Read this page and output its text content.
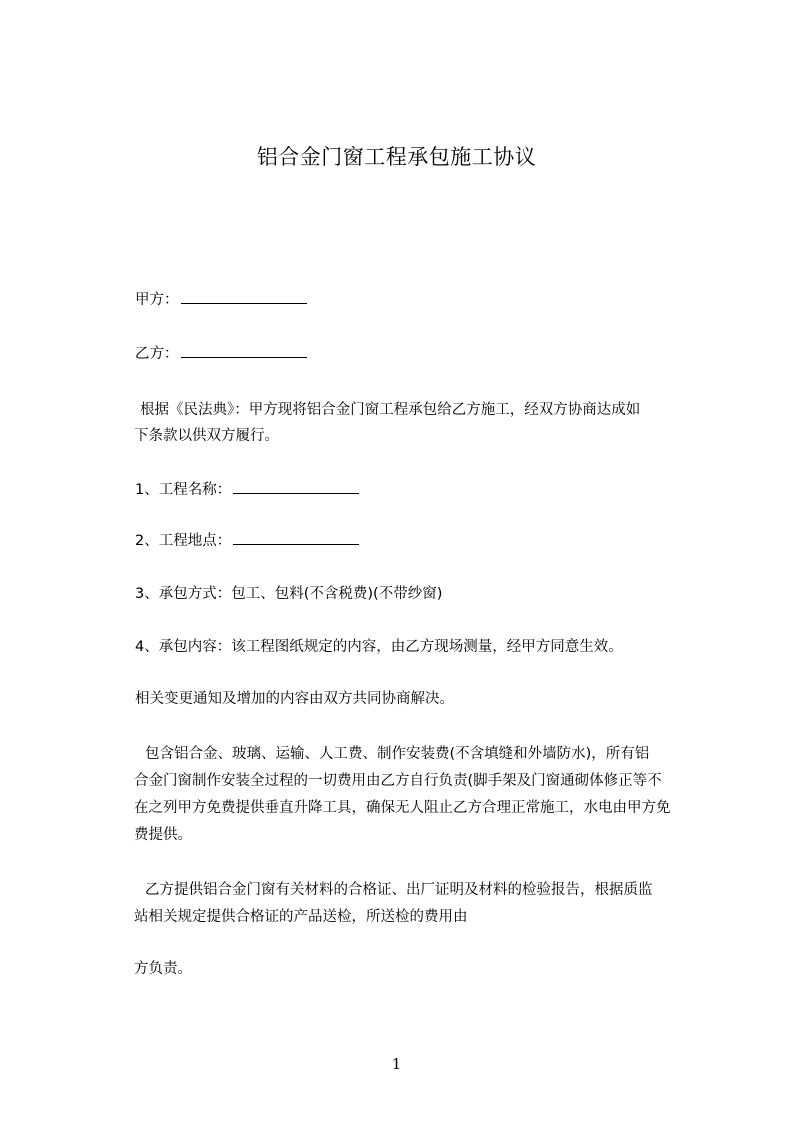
铝合金门窗工程承包施工协议
甲方：
乙方：
根据《民法典》：甲方现将铝合金门窗工程承包给乙方施工，经双方协商达成如
下条款以供双方履行。
1、工程名称：
2、工程地点：
3、承包方式：包工、包料(不含税费)(不带纱窗)
4、承包内容：该工程图纸规定的内容，由乙方现场测量，经甲方同意生效。
相关变更通知及增加的内容由双方共同协商解决。
包含铝合金、玻璃、运输、人工费、制作安装费(不含填缝和外墙防水)，所有铝
合金门窗制作安装全过程的一切费用由乙方自行负责(脚手架及门窗通砌体修正等不
在之列甲方免费提供垂直升降工具，确保无人阻止乙方合理正常施工，水电由甲方免
费提供。
乙方提供铝合金门窗有关材料的合格证、出厂证明及材料的检验报告，根据质监
站相关规定提供合格证的产品送检，所送检的费用由
方负责。
1
